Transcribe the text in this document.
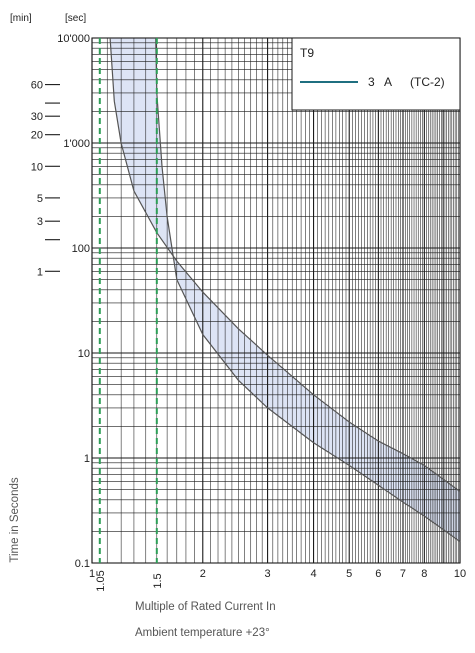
T9
3 A (TC-2)
[min]	[sec]
Time in Seconds
Multiple of Rated Current In
Ambient temperature +23°
1 1.05	1.5	2	3	4	5 6 7 8 10
10'000
1'000
100
10
1
0.1
60
30
20
10
5
3
1
